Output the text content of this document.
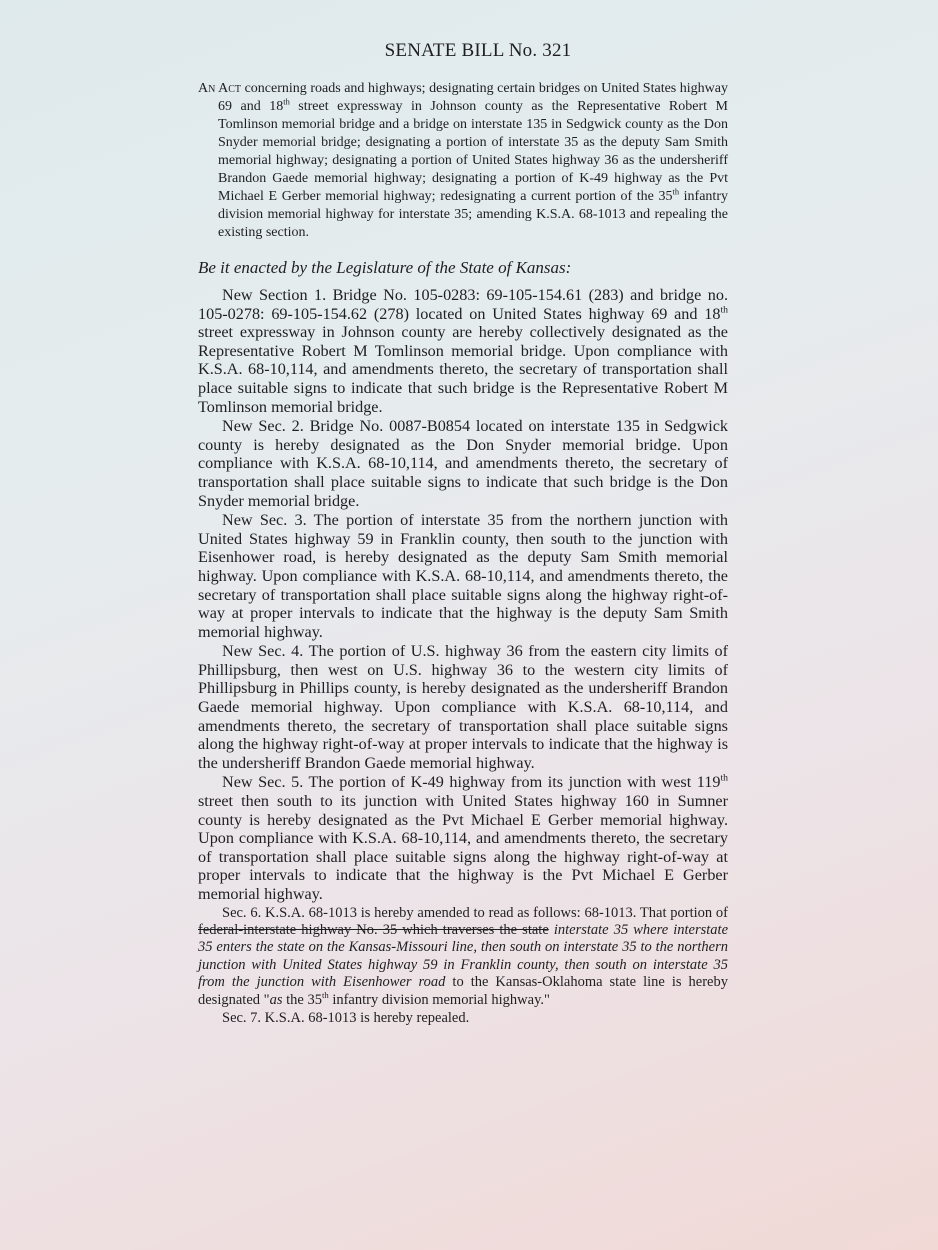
SENATE BILL No. 321

An Act concerning roads and highways; designating certain bridges on United States highway 69 and 18th street expressway in Johnson county as the Representative Robert M Tomlinson memorial bridge and a bridge on interstate 135 in Sedgwick county as the Don Snyder memorial bridge; designating a portion of interstate 35 as the deputy Sam Smith memorial highway; designating a portion of United States highway 36 as the undersheriff Brandon Gaede memorial highway; designating a portion of K-49 highway as the Pvt Michael E Gerber memorial highway; redesignating a current portion of the 35th infantry division memorial highway for interstate 35; amending K.S.A. 68-1013 and repealing the existing section.

Be it enacted by the Legislature of the State of Kansas:

New Section 1. Bridge No. 105-0283: 69-105-154.61 (283) and bridge no. 105-0278: 69-105-154.62 (278) located on United States highway 69 and 18th street expressway in Johnson county are hereby collectively designated as the Representative Robert M Tomlinson memorial bridge. Upon compliance with K.S.A. 68-10,114, and amendments thereto, the secretary of transportation shall place suitable signs to indicate that such bridge is the Representative Robert M Tomlinson memorial bridge.

New Sec. 2. Bridge No. 0087-B0854 located on interstate 135 in Sedgwick county is hereby designated as the Don Snyder memorial bridge. Upon compliance with K.S.A. 68-10,114, and amendments thereto, the secretary of transportation shall place suitable signs to indicate that such bridge is the Don Snyder memorial bridge.

New Sec. 3. The portion of interstate 35 from the northern junction with United States highway 59 in Franklin county, then south to the junction with Eisenhower road, is hereby designated as the deputy Sam Smith memorial highway. Upon compliance with K.S.A. 68-10,114, and amendments thereto, the secretary of transportation shall place suitable signs along the highway right-of-way at proper intervals to indicate that the highway is the deputy Sam Smith memorial highway.

New Sec. 4. The portion of U.S. highway 36 from the eastern city limits of Phillipsburg, then west on U.S. highway 36 to the western city limits of Phillipsburg in Phillips county, is hereby designated as the undersheriff Brandon Gaede memorial highway. Upon compliance with K.S.A. 68-10,114, and amendments thereto, the secretary of transportation shall place suitable signs along the highway right-of-way at proper intervals to indicate that the highway is the undersheriff Brandon Gaede memorial highway.

New Sec. 5. The portion of K-49 highway from its junction with west 119th street then south to its junction with United States highway 160 in Sumner county is hereby designated as the Pvt Michael E Gerber memorial highway. Upon compliance with K.S.A. 68-10,114, and amendments thereto, the secretary of transportation shall place suitable signs along the highway right-of-way at proper intervals to indicate that the highway is the Pvt Michael E Gerber memorial highway.

Sec. 6. K.S.A. 68-1013 is hereby amended to read as follows: 68-1013. That portion of federal-interstate highway No. 35 which traverses the state interstate 35 where interstate 35 enters the state on the Kansas-Missouri line, then south on interstate 35 to the northern junction with United States highway 59 in Franklin county, then south on interstate 35 from the junction with Eisenhower road to the Kansas-Oklahoma state line is hereby designated "as the 35th infantry division memorial highway."

Sec. 7. K.S.A. 68-1013 is hereby repealed.
